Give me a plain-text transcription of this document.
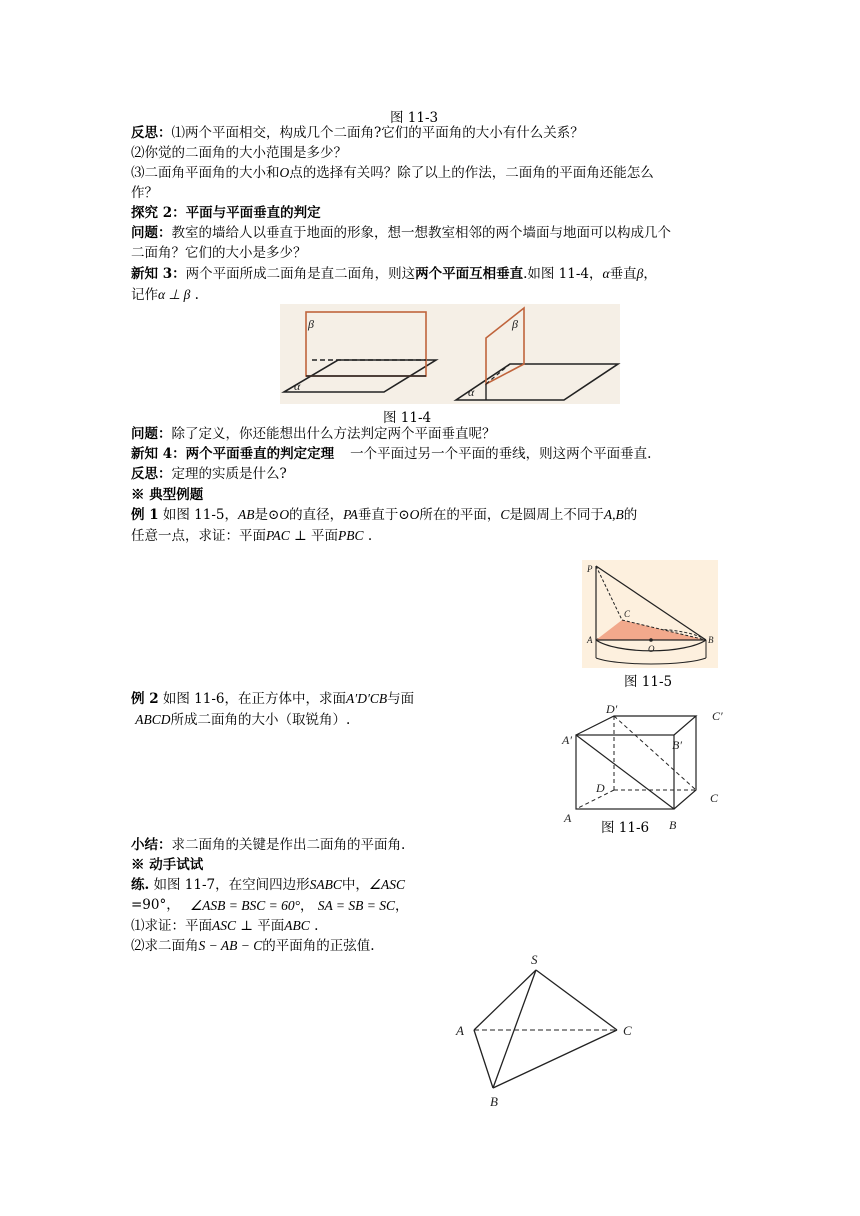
图 11-3
反思：⑴两个平面相交，构成几个二面角?它们的平面角的大小有什么关系？
⑵你觉的二面角的大小范围是多少？
⑶二面角平面角的大小和O点的选择有关吗？除了以上的作法，二面角的平面角还能怎么
作？
探究 2：平面与平面垂直的判定
问题：教室的墙给人以垂直于地面的形象，想一想教室相邻的两个墙面与地面可以构成几个
二面角？它们的大小是多少？
新知 3：两个平面所成二面角是直二面角，则这两个平面互相垂直.如图 11-4，α垂直β，
记作α ⊥ β .
β
α
β
α
图 11-4
问题：除了定义，你还能想出什么方法判定两个平面垂直呢？
新知 4：两个平面垂直的判定定理 一个平面过另一个平面的垂线，则这两个平面垂直.
反思：定理的实质是什么?
※ 典型例题
例 1 如图 11-5，AB是⊙O的直径，PA垂直于⊙O所在的平面，C是圆周上不同于A,B的
任意一点，求证：平面PAC ⊥ 平面PBC .
P
C
A
O
B
图 11-5
例 2 如图 11-6，在正方体中，求面A′D′CB与面
ABCD所成二面角的大小（取锐角）.
D′	C′
A′	B′
D
C
A	B
图 11-6
小结：求二面角的关键是作出二面角的平面角.
※ 动手试试
练. 如图 11-7，在空间四边形SABC中，∠ASC
=90°， ∠ASB = BSC = 60°， SA = SB = SC，
⑴求证：平面ASC ⊥ 平面ABC .
⑵求二面角S − AB − C的平面角的正弦值.
S
A	C
B
